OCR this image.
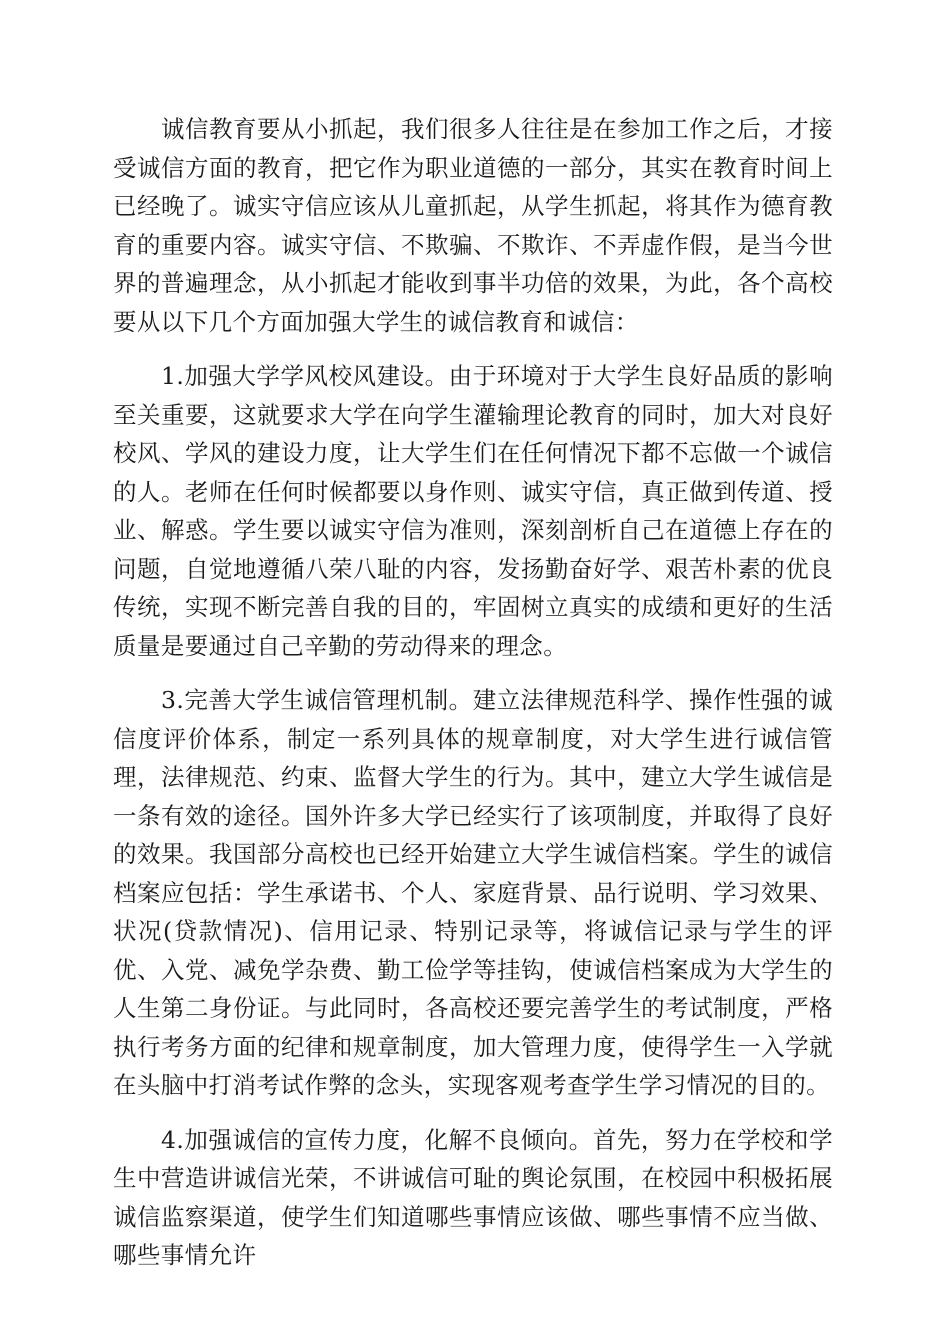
诚信教育要从小抓起，我们很多人往往是在参加工作之后，才接受诚信方面的教育，把它作为职业道德的一部分，其实在教育时间上已经晚了。诚实守信应该从儿童抓起，从学生抓起，将其作为德育教育的重要内容。诚实守信、不欺骗、不欺诈、不弄虚作假，是当今世界的普遍理念，从小抓起才能收到事半功倍的效果，为此，各个高校要从以下几个方面加强大学生的诚信教育和诚信：

1.加强大学学风校风建设。由于环境对于大学生良好品质的影响至关重要，这就要求大学在向学生灌输理论教育的同时，加大对良好校风、学风的建设力度，让大学生们在任何情况下都不忘做一个诚信的人。老师在任何时候都要以身作则、诚实守信，真正做到传道、授业、解惑。学生要以诚实守信为准则，深刻剖析自己在道德上存在的问题，自觉地遵循八荣八耻的内容，发扬勤奋好学、艰苦朴素的优良传统，实现不断完善自我的目的，牢固树立真实的成绩和更好的生活质量是要通过自己辛勤的劳动得来的理念。

3.完善大学生诚信管理机制。建立法律规范科学、操作性强的诚信度评价体系，制定一系列具体的规章制度，对大学生进行诚信管理，法律规范、约束、监督大学生的行为。其中，建立大学生诚信是一条有效的途径。国外许多大学已经实行了该项制度，并取得了良好的效果。我国部分高校也已经开始建立大学生诚信档案。学生的诚信档案应包括：学生承诺书、个人、家庭背景、品行说明、学习效果、状况(贷款情况)、信用记录、特别记录等，将诚信记录与学生的评优、入党、减免学杂费、勤工俭学等挂钩，使诚信档案成为大学生的人生第二身份证。与此同时，各高校还要完善学生的考试制度，严格执行考务方面的纪律和规章制度，加大管理力度，使得学生一入学就在头脑中打消考试作弊的念头，实现客观考查学生学习情况的目的。

4.加强诚信的宣传力度，化解不良倾向。首先，努力在学校和学生中营造讲诚信光荣，不讲诚信可耻的舆论氛围，在校园中积极拓展诚信监察渠道，使学生们知道哪些事情应该做、哪些事情不应当做、哪些事情允许
